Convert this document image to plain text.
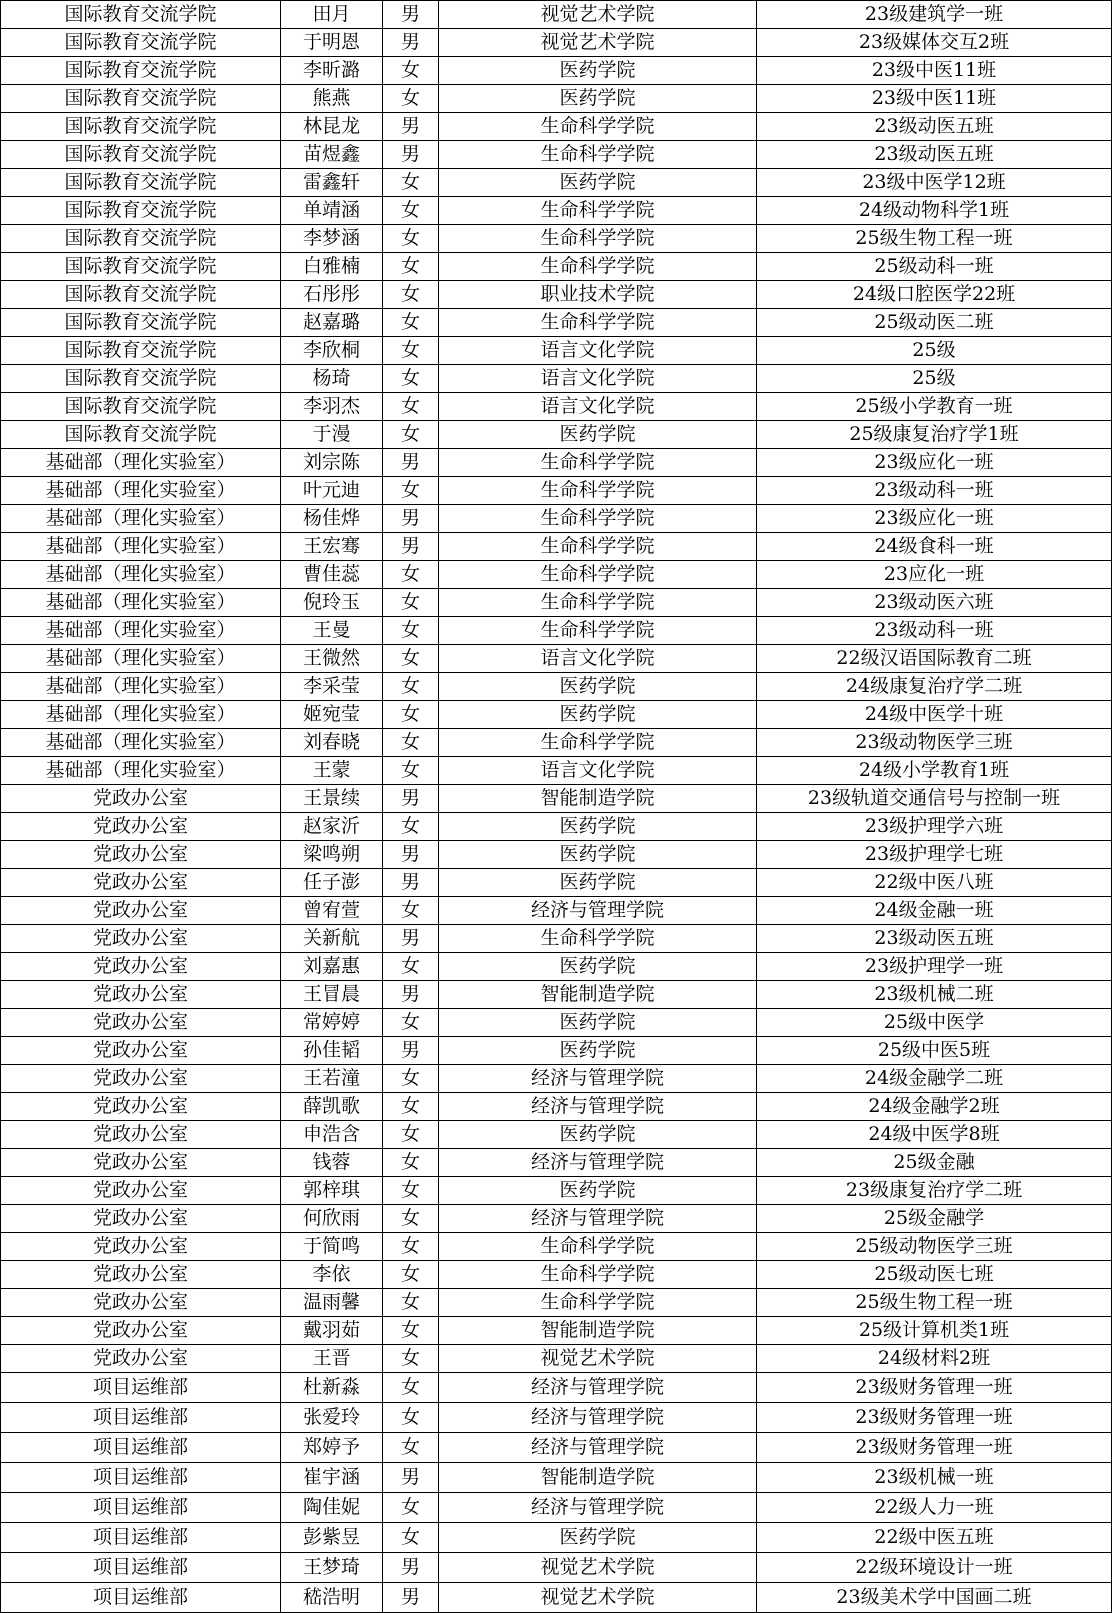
国际教育交流学院	田月	男	视觉艺术学院	23级建筑学一班
国际教育交流学院	于明恩	男	视觉艺术学院	23级媒体交互2班
国际教育交流学院	李昕潞	女	医药学院	23级中医11班
国际教育交流学院	熊燕	女	医药学院	23级中医11班
国际教育交流学院	林昆龙	男	生命科学学院	23级动医五班
国际教育交流学院	苗煜鑫	男	生命科学学院	23级动医五班
国际教育交流学院	雷鑫轩	女	医药学院	23级中医学12班
国际教育交流学院	单靖涵	女	生命科学学院	24级动物科学1班
国际教育交流学院	李梦涵	女	生命科学学院	25级生物工程一班
国际教育交流学院	白雅楠	女	生命科学学院	25级动科一班
国际教育交流学院	石彤彤	女	职业技术学院	24级口腔医学22班
国际教育交流学院	赵嘉璐	女	生命科学学院	25级动医二班
国际教育交流学院	李欣桐	女	语言文化学院	25级
国际教育交流学院	杨琦	女	语言文化学院	25级
国际教育交流学院	李羽杰	女	语言文化学院	25级小学教育一班
国际教育交流学院	于漫	女	医药学院	25级康复治疗学1班
基础部（理化实验室）	刘宗陈	男	生命科学学院	23级应化一班
基础部（理化实验室）	叶元迪	女	生命科学学院	23级动科一班
基础部（理化实验室）	杨佳烨	男	生命科学学院	23级应化一班
基础部（理化实验室）	王宏骞	男	生命科学学院	24级食科一班
基础部（理化实验室）	曹佳蕊	女	生命科学学院	23应化一班
基础部（理化实验室）	倪玲玉	女	生命科学学院	23级动医六班
基础部（理化实验室）	王曼	女	生命科学学院	23级动科一班
基础部（理化实验室）	王微然	女	语言文化学院	22级汉语国际教育二班
基础部（理化实验室）	李采莹	女	医药学院	24级康复治疗学二班
基础部（理化实验室）	姬宛莹	女	医药学院	24级中医学十班
基础部（理化实验室）	刘春晓	女	生命科学学院	23级动物医学三班
基础部（理化实验室）	王蒙	女	语言文化学院	24级小学教育1班
党政办公室	王景续	男	智能制造学院	23级轨道交通信号与控制一班
党政办公室	赵家沂	女	医药学院	23级护理学六班
党政办公室	梁鸣朔	男	医药学院	23级护理学七班
党政办公室	任子澎	男	医药学院	22级中医八班
党政办公室	曾宥萱	女	经济与管理学院	24级金融一班
党政办公室	关新航	男	生命科学学院	23级动医五班
党政办公室	刘嘉惠	女	医药学院	23级护理学一班
党政办公室	王冒晨	男	智能制造学院	23级机械二班
党政办公室	常婷婷	女	医药学院	25级中医学
党政办公室	孙佳韬	男	医药学院	25级中医5班
党政办公室	王若潼	女	经济与管理学院	24级金融学二班
党政办公室	薛凯歌	女	经济与管理学院	24级金融学2班
党政办公室	申浩含	女	医药学院	24级中医学8班
党政办公室	钱蓉	女	经济与管理学院	25级金融
党政办公室	郭梓琪	女	医药学院	23级康复治疗学二班
党政办公室	何欣雨	女	经济与管理学院	25级金融学
党政办公室	于简鸣	女	生命科学学院	25级动物医学三班
党政办公室	李依	女	生命科学学院	25级动医七班
党政办公室	温雨馨	女	生命科学学院	25级生物工程一班
党政办公室	戴羽茹	女	智能制造学院	25级计算机类1班
党政办公室	王晋	女	视觉艺术学院	24级材料2班
项目运维部	杜新淼	女	经济与管理学院	23级财务管理一班
项目运维部	张爱玲	女	经济与管理学院	23级财务管理一班
项目运维部	郑婷予	女	经济与管理学院	23级财务管理一班
项目运维部	崔宇涵	男	智能制造学院	23级机械一班
项目运维部	陶佳妮	女	经济与管理学院	22级人力一班
项目运维部	彭紫昱	女	医药学院	22级中医五班
项目运维部	王梦琦	男	视觉艺术学院	22级环境设计一班
项目运维部	嵇浩明	男	视觉艺术学院	23级美术学中国画二班
